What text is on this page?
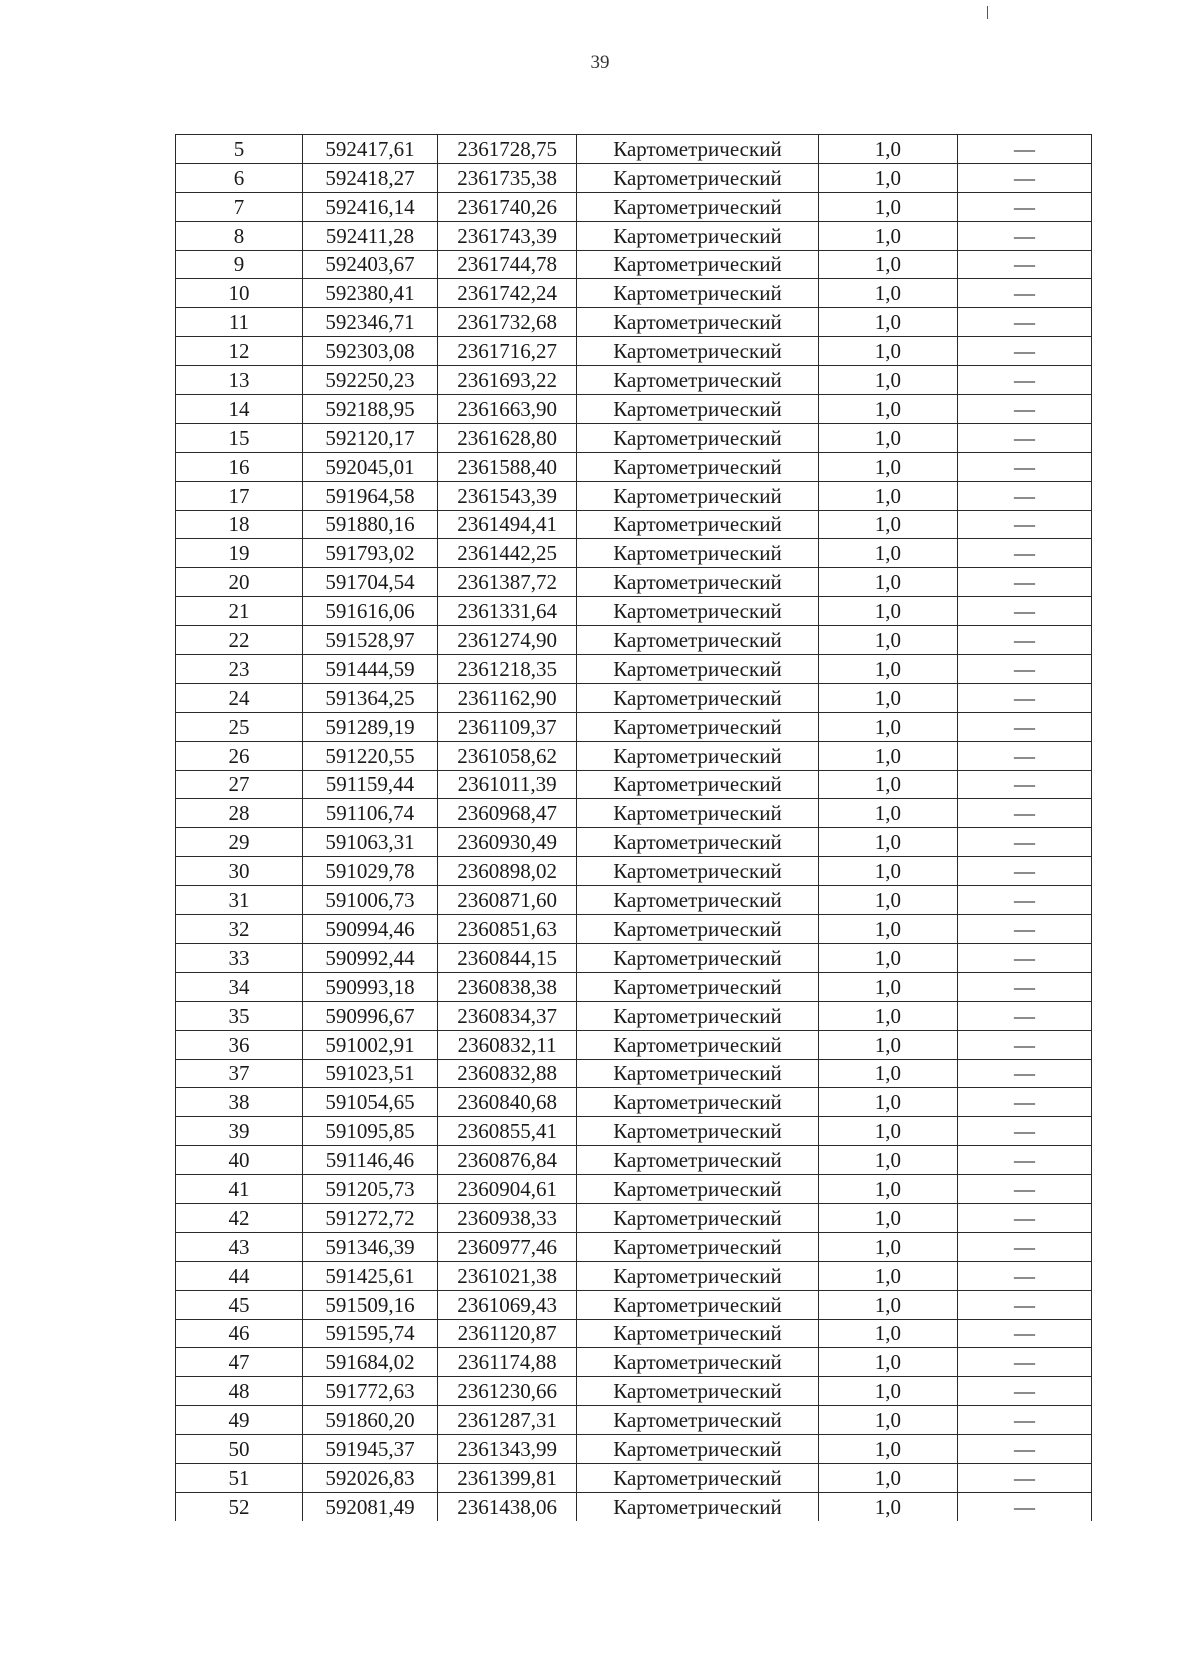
39
5	592417,61	2361728,75	Картометрический	1,0	—
6	592418,27	2361735,38	Картометрический	1,0	—
7	592416,14	2361740,26	Картометрический	1,0	—
8	592411,28	2361743,39	Картометрический	1,0	—
9	592403,67	2361744,78	Картометрический	1,0	—
10	592380,41	2361742,24	Картометрический	1,0	—
11	592346,71	2361732,68	Картометрический	1,0	—
12	592303,08	2361716,27	Картометрический	1,0	—
13	592250,23	2361693,22	Картометрический	1,0	—
14	592188,95	2361663,90	Картометрический	1,0	—
15	592120,17	2361628,80	Картометрический	1,0	—
16	592045,01	2361588,40	Картометрический	1,0	—
17	591964,58	2361543,39	Картометрический	1,0	—
18	591880,16	2361494,41	Картометрический	1,0	—
19	591793,02	2361442,25	Картометрический	1,0	—
20	591704,54	2361387,72	Картометрический	1,0	—
21	591616,06	2361331,64	Картометрический	1,0	—
22	591528,97	2361274,90	Картометрический	1,0	—
23	591444,59	2361218,35	Картометрический	1,0	—
24	591364,25	2361162,90	Картометрический	1,0	—
25	591289,19	2361109,37	Картометрический	1,0	—
26	591220,55	2361058,62	Картометрический	1,0	—
27	591159,44	2361011,39	Картометрический	1,0	—
28	591106,74	2360968,47	Картометрический	1,0	—
29	591063,31	2360930,49	Картометрический	1,0	—
30	591029,78	2360898,02	Картометрический	1,0	—
31	591006,73	2360871,60	Картометрический	1,0	—
32	590994,46	2360851,63	Картометрический	1,0	—
33	590992,44	2360844,15	Картометрический	1,0	—
34	590993,18	2360838,38	Картометрический	1,0	—
35	590996,67	2360834,37	Картометрический	1,0	—
36	591002,91	2360832,11	Картометрический	1,0	—
37	591023,51	2360832,88	Картометрический	1,0	—
38	591054,65	2360840,68	Картометрический	1,0	—
39	591095,85	2360855,41	Картометрический	1,0	—
40	591146,46	2360876,84	Картометрический	1,0	—
41	591205,73	2360904,61	Картометрический	1,0	—
42	591272,72	2360938,33	Картометрический	1,0	—
43	591346,39	2360977,46	Картометрический	1,0	—
44	591425,61	2361021,38	Картометрический	1,0	—
45	591509,16	2361069,43	Картометрический	1,0	—
46	591595,74	2361120,87	Картометрический	1,0	—
47	591684,02	2361174,88	Картометрический	1,0	—
48	591772,63	2361230,66	Картометрический	1,0	—
49	591860,20	2361287,31	Картометрический	1,0	—
50	591945,37	2361343,99	Картометрический	1,0	—
51	592026,83	2361399,81	Картометрический	1,0	—
52	592081,49	2361438,06	Картометрический	1,0	—
